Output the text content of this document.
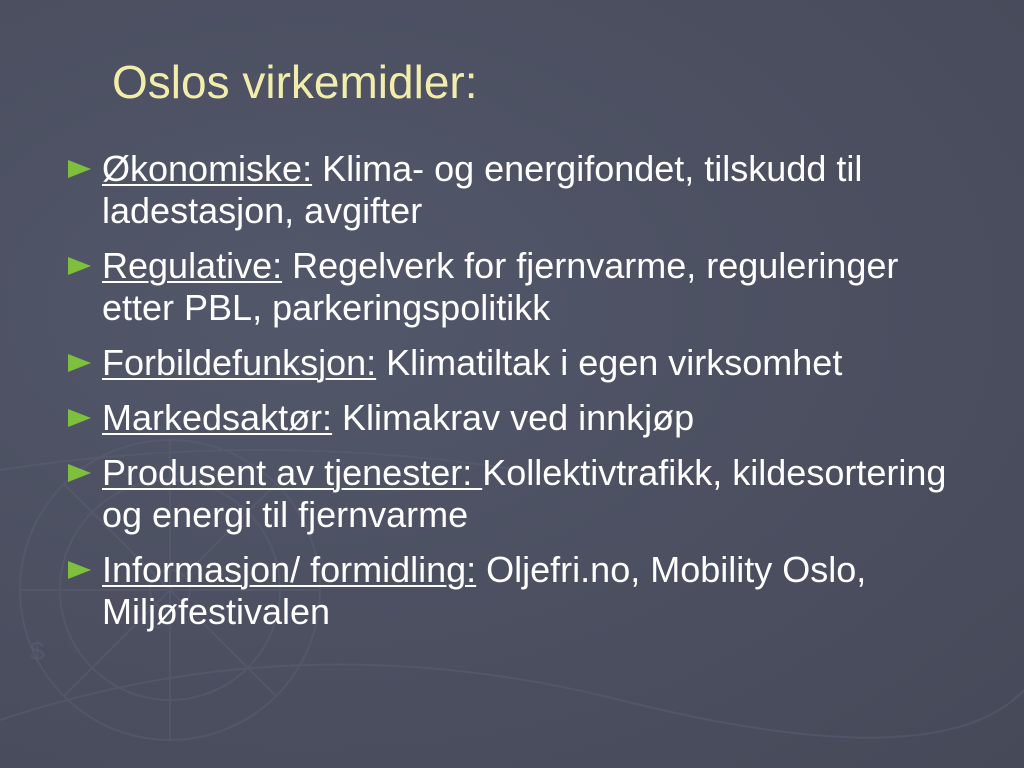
$
Oslos virkemidler:
Økonomiske: Klima- og energifondet, tilskudd til ladestasjon, avgifter
Regulative: Regelverk for fjernvarme, reguleringer etter PBL, parkeringspolitikk
Forbildefunksjon: Klimatiltak i egen virksomhet
Markedsaktør: Klimakrav ved innkjøp
Produsent av tjenester: Kollektivtrafikk, kildesortering og energi til fjernvarme
Informasjon/ formidling: Oljefri.no, Mobility Oslo, Miljøfestivalen
